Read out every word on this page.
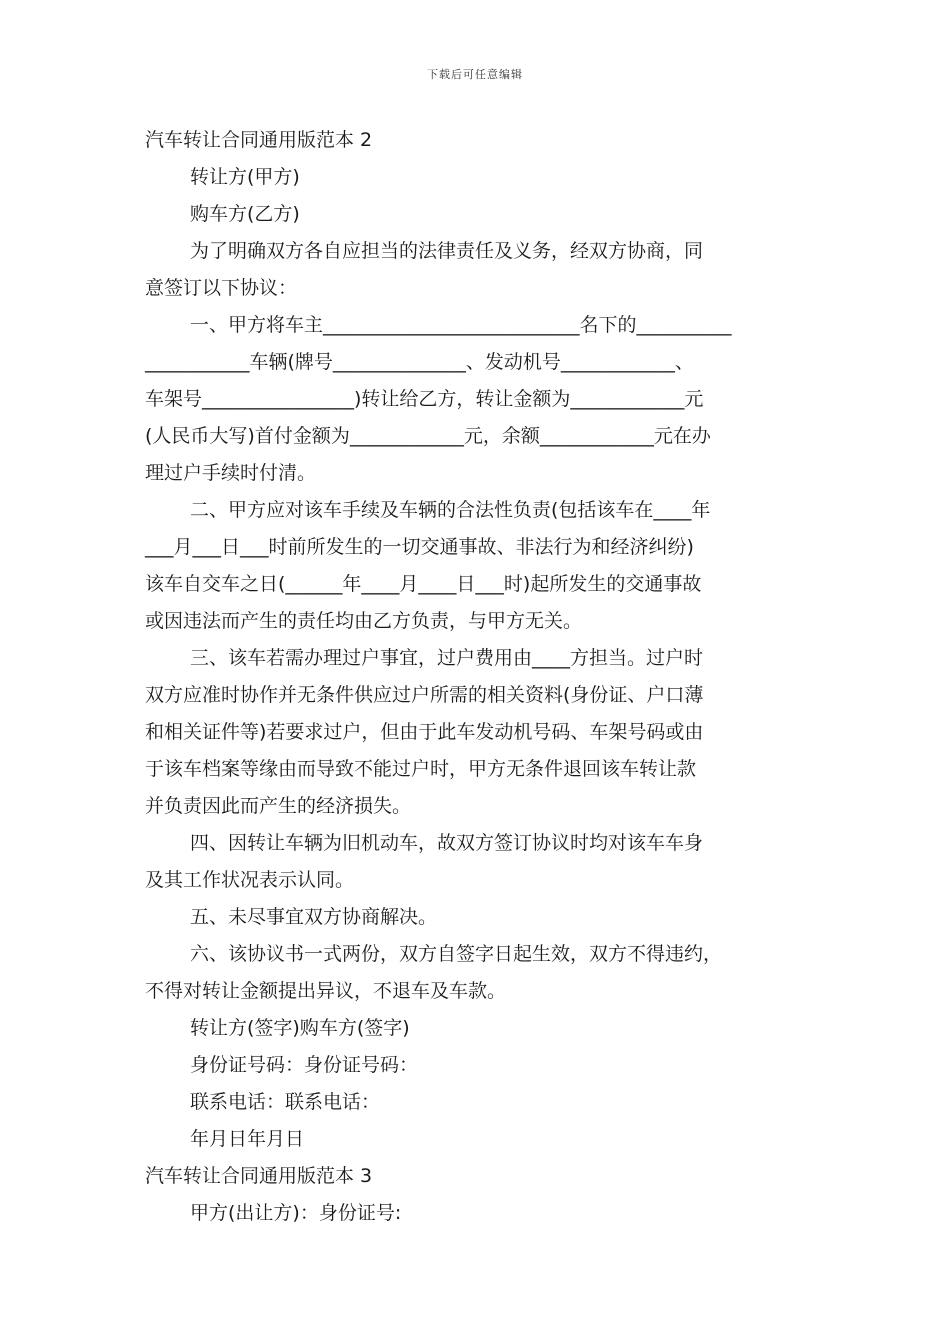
下载后可任意编辑
汽车转让合同通用版范本 2
转让方(甲方)
购车方(乙方)
为了明确双方各自应担当的法律责任及义务，经双方协商，同
意签订以下协议：
一、甲方将车主___________________________名下的__________
___________车辆(牌号______________、发动机号____________、
车架号________________)转让给乙方，转让金额为____________元
(人民币大写)首付金额为____________元，余额____________元在办
理过户手续时付清。
二、甲方应对该车手续及车辆的合法性负责(包括该车在____年
___月___日___时前所发生的一切交通事故、非法行为和经济纠纷)
该车自交车之日(______年____月____日___时)起所发生的交通事故
或因违法而产生的责任均由乙方负责，与甲方无关。
三、该车若需办理过户事宜，过户费用由____方担当。过户时
双方应准时协作并无条件供应过户所需的相关资料(身份证、户口薄
和相关证件等)若要求过户，但由于此车发动机号码、车架号码或由
于该车档案等缘由而导致不能过户时，甲方无条件退回该车转让款
并负责因此而产生的经济损失。
四、因转让车辆为旧机动车，故双方签订协议时均对该车车身
及其工作状况表示认同。
五、未尽事宜双方协商解决。
六、该协议书一式两份，双方自签字日起生效，双方不得违约，
不得对转让金额提出异议，不退车及车款。
转让方(签字)购车方(签字)
身份证号码：身份证号码：
联系电话：联系电话：
年月日年月日
汽车转让合同通用版范本 3
甲方(出让方)：身份证号:
